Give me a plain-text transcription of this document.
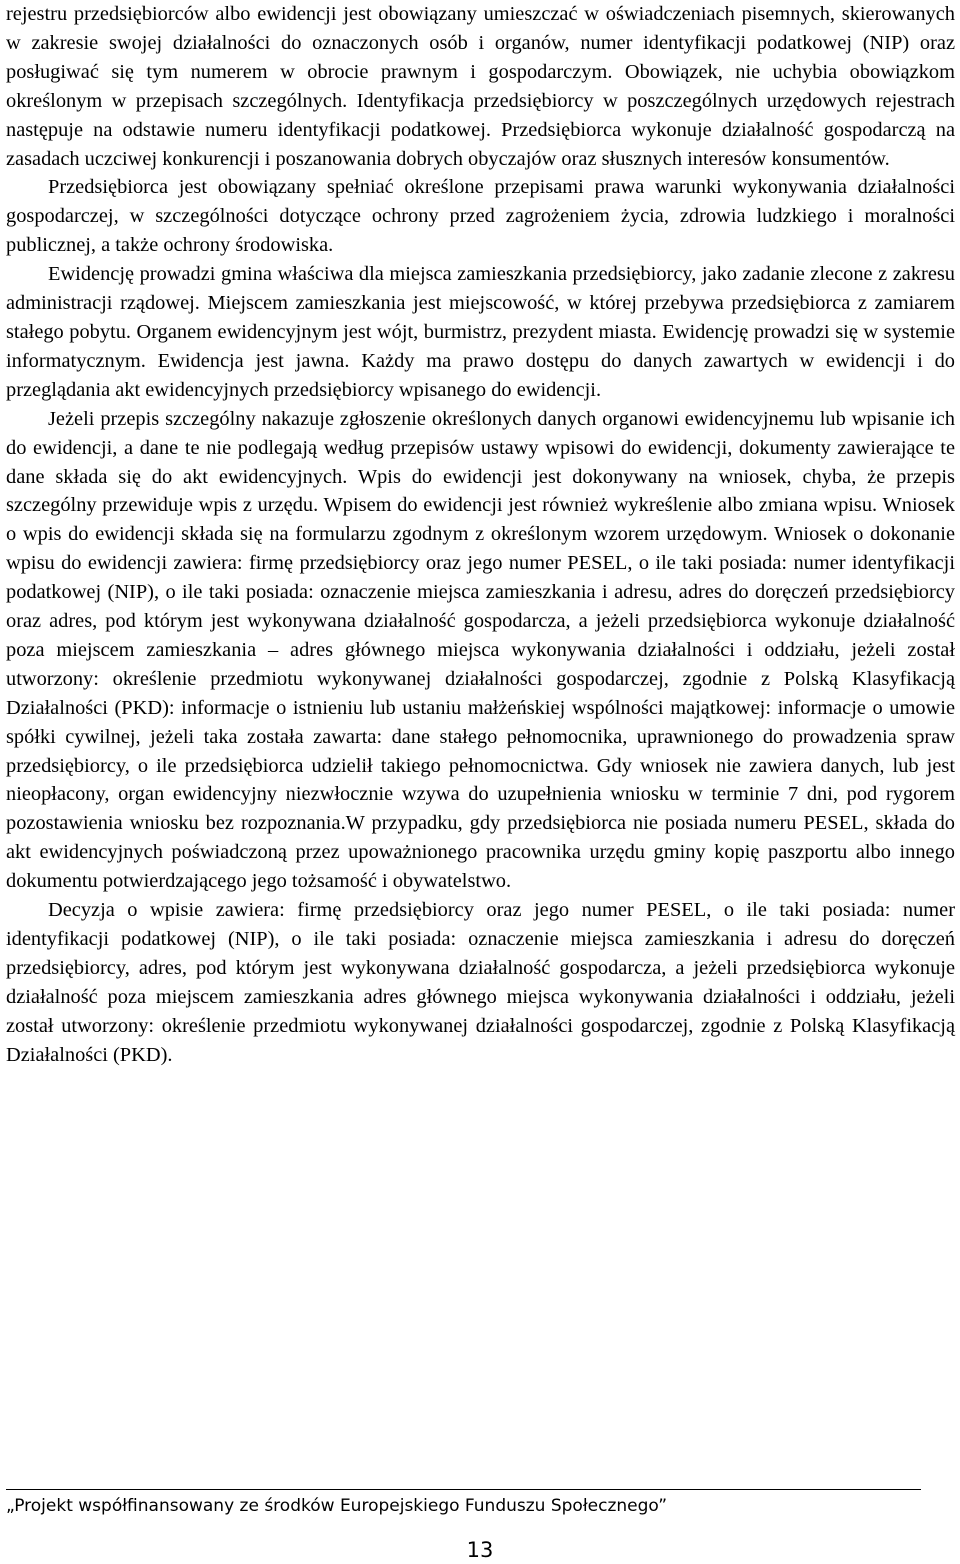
rejestru przedsiębiorców albo ewidencji jest obowiązany umieszczać w oświadczeniach pisemnych, skierowanych w zakresie swojej działalności do oznaczonych osób i organów, numer identyfikacji podatkowej (NIP) oraz posługiwać się tym numerem w obrocie prawnym i gospodarczym. Obowiązek, nie uchybia obowiązkom określonym w przepisach szczególnych. Identyfikacja przedsiębiorcy w poszczególnych urzędowych rejestrach następuje na odstawie numeru identyfikacji podatkowej. Przedsiębiorca wykonuje działalność gospodarczą na zasadach uczciwej konkurencji i poszanowania dobrych obyczajów oraz słusznych interesów konsumentów.

Przedsiębiorca jest obowiązany spełniać określone przepisami prawa warunki wykonywania działalności gospodarczej, w szczególności dotyczące ochrony przed zagrożeniem życia, zdrowia ludzkiego i moralności publicznej, a także ochrony środowiska.

Ewidencję prowadzi gmina właściwa dla miejsca zamieszkania przedsiębiorcy, jako zadanie zlecone z zakresu administracji rządowej. Miejscem zamieszkania jest miejscowość, w której przebywa przedsiębiorca z zamiarem stałego pobytu. Organem ewidencyjnym jest wójt, burmistrz, prezydent miasta. Ewidencję prowadzi się w systemie informatycznym. Ewidencja jest jawna. Każdy ma prawo dostępu do danych zawartych w ewidencji i do przeglądania akt ewidencyjnych przedsiębiorcy wpisanego do ewidencji.

Jeżeli przepis szczególny nakazuje zgłoszenie określonych danych organowi ewidencyjnemu lub wpisanie ich do ewidencji, a dane te nie podlegają według przepisów ustawy wpisowi do ewidencji, dokumenty zawierające te dane składa się do akt ewidencyjnych. Wpis do ewidencji jest dokonywany na wniosek, chyba, że przepis szczególny przewiduje wpis z urzędu. Wpisem do ewidencji jest również wykreślenie albo zmiana wpisu. Wniosek o wpis do ewidencji składa się na formularzu zgodnym z określonym wzorem urzędowym. Wniosek o dokonanie wpisu do ewidencji zawiera: firmę przedsiębiorcy oraz jego numer PESEL, o ile taki posiada: numer identyfikacji podatkowej (NIP), o ile taki posiada: oznaczenie miejsca zamieszkania i adresu, adres do doręczeń przedsiębiorcy oraz adres, pod którym jest wykonywana działalność gospodarcza, a jeżeli przedsiębiorca wykonuje działalność poza miejscem zamieszkania – adres głównego miejsca wykonywania działalności i oddziału, jeżeli został utworzony: określenie przedmiotu wykonywanej działalności gospodarczej, zgodnie z Polską Klasyfikacją Działalności (PKD): informacje o istnieniu lub ustaniu małżeńskiej wspólności majątkowej: informacje o umowie spółki cywilnej, jeżeli taka została zawarta: dane stałego pełnomocnika, uprawnionego do prowadzenia spraw przedsiębiorcy, o ile przedsiębiorca udzielił takiego pełnomocnictwa. Gdy wniosek nie zawiera danych, lub jest nieopłacony, organ ewidencyjny niezwłocznie wzywa do uzupełnienia wniosku w terminie 7 dni, pod rygorem pozostawienia wniosku bez rozpoznania.W przypadku, gdy przedsiębiorca nie posiada numeru PESEL, składa do akt ewidencyjnych poświadczoną przez upoważnionego pracownika urzędu gminy kopię paszportu albo innego dokumentu potwierdzającego jego tożsamość i obywatelstwo.

Decyzja o wpisie zawiera: firmę przedsiębiorcy oraz jego numer PESEL, o ile taki posiada: numer identyfikacji podatkowej (NIP), o ile taki posiada: oznaczenie miejsca zamieszkania i adresu do doręczeń przedsiębiorcy, adres, pod którym jest wykonywana działalność gospodarcza, a jeżeli przedsiębiorca wykonuje działalność poza miejscem zamieszkania adres głównego miejsca wykonywania działalności i oddziału, jeżeli został utworzony: określenie przedmiotu wykonywanej działalności gospodarczej, zgodnie z Polską Klasyfikacją Działalności (PKD).

„Projekt współfinansowany ze środków Europejskiego Funduszu Społecznego”
13
